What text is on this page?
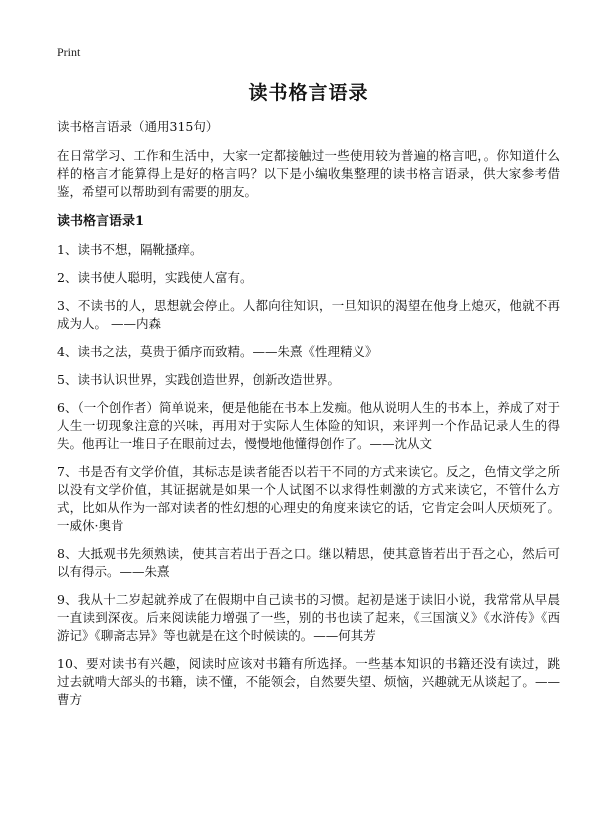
Print
读书格言语录

读书格言语录（通用315句）

在日常学习、工作和生活中，大家一定都接触过一些使用较为普遍的格言吧，。你知道什么样的格言才能算得上是好的格言吗？以下是小编收集整理的读书格言语录，供大家参考借鉴，希望可以帮助到有需要的朋友。

读书格言语录1

1、读书不想，隔靴搔痒。

2、读书使人聪明，实践使人富有。

3、不读书的人，思想就会停止。人都向往知识，一旦知识的渴望在他身上熄灭，他就不再成为人。 ——内森

4、读书之法，莫贵于循序而致精。——朱熹《性理精义》

5、读书认识世界，实践创造世界，创新改造世界。

6、（一个创作者）简单说来，便是他能在书本上发痴。他从说明人生的书本上，养成了对于人生一切现象注意的兴味，再用对于实际人生体险的知识，来评判一个作品记录人生的得失。他再让一堆日子在眼前过去，慢慢地他懂得创作了。——沈从文

7、书是否有文学价值，其标志是读者能否以若干不同的方式来读它。反之，色情文学之所以没有文学价值，其证据就是如果一个人试图不以求得性刺激的方式来读它，不管什么方式，比如从作为一部对读者的性幻想的心理史的角度来读它的话，它肯定会叫人厌烦死了。一威休·奥肯

8、大抵观书先须熟读，使其言若出于吾之口。继以精思，使其意皆若出于吾之心，然后可以有得示。——朱熹

9、我从十二岁起就养成了在假期中自己读书的习惯。起初是迷于读旧小说，我常常从早晨一直读到深夜。后来阅读能力增强了一些，别的书也读了起来，《三国演义》《水浒传》《西游记》《聊斋志异》等也就是在这个时候读的。——何其芳

10、要对读书有兴趣，阅读时应该对书籍有所选择。一些基本知识的书籍还没有读过，跳过去就啃大部头的书籍，读不懂，不能领会，自然要失望、烦恼，兴趣就无从谈起了。——曹方
